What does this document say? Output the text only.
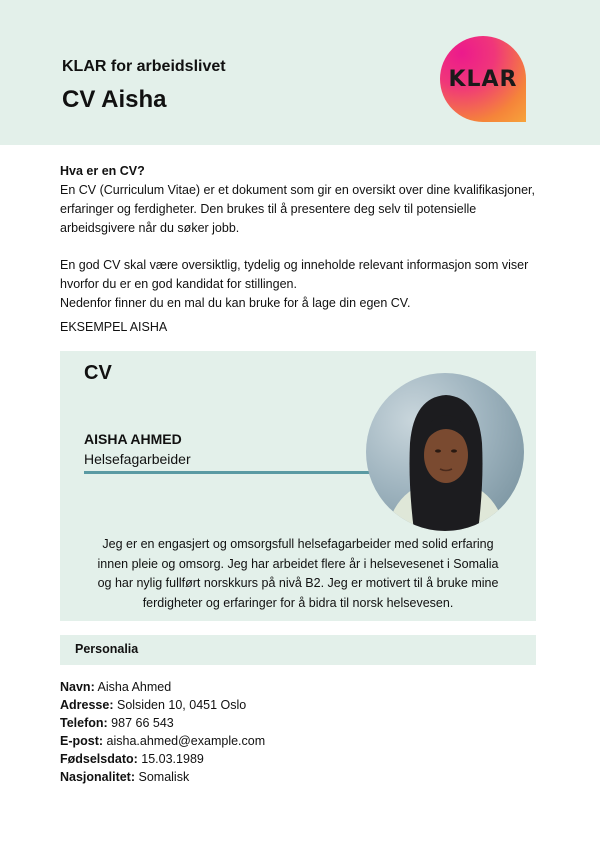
KLAR for arbeidslivet
CV Aisha
KLAR

Hva er en CV?

En CV (Curriculum Vitae) er et dokument som gir en oversikt over dine kvalifikasjoner, erfaringer og ferdigheter. Den brukes til å presentere deg selv til potensielle arbeidsgivere når du søker jobb.

En god CV skal være oversiktlig, tydelig og inneholde relevant informasjon som viser hvorfor du er en god kandidat for stillingen.

Nedenfor finner du en mal du kan bruke for å lage din egen CV.

EKSEMPEL AISHA
CV
AISHA AHMED
Helsefagarbeider
Jeg er en engasjert og omsorgsfull helsefagarbeider med solid erfaring innen pleie og omsorg. Jeg har arbeidet flere år i helsevesenet i Somalia og har nylig fullført norskkurs på nivå B2. Jeg er motivert til å bruke mine ferdigheter og erfaringer for å bidra til norsk helsevesen.
Personalia
Navn: Aisha Ahmed
Adresse: Solsiden 10, 0451 Oslo
Telefon: 987 66 543
E-post: aisha.ahmed@example.com
Fødselsdato: 15.03.1989
Nasjonalitet: Somalisk
